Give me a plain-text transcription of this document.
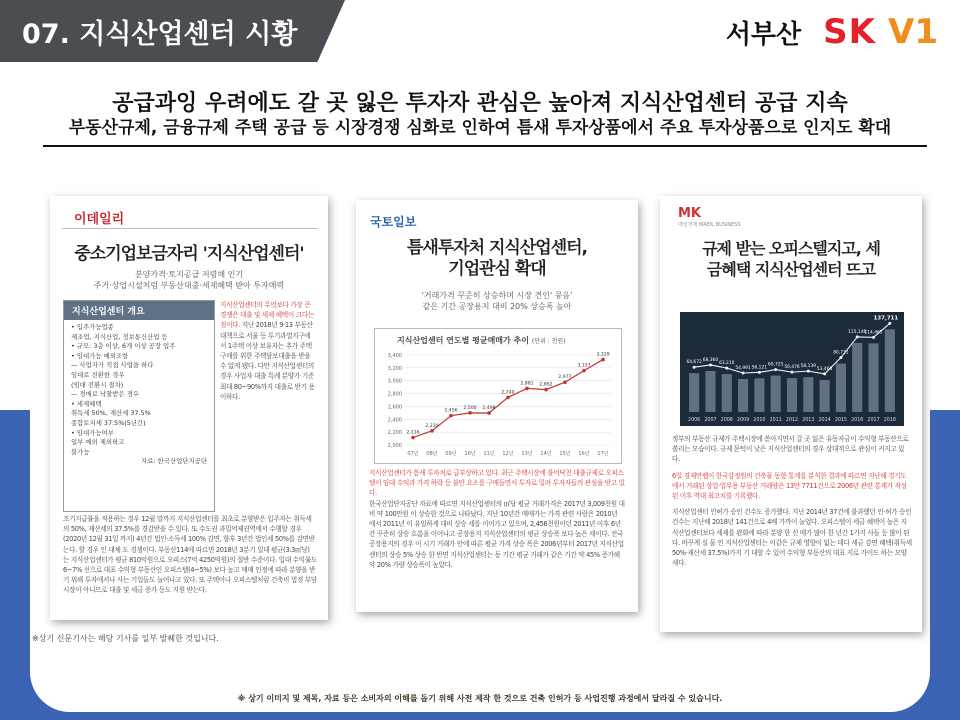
07. 지식산업센터 시황	서부산 SK V1
공급과잉 우려에도 갈 곳 잃은 투자자 관심은 높아져 지식산업센터 공급 지속
부동산규제, 금융규제 주택 공급 등 시장경쟁 심화로 인하여 틈새 투자상품에서 주요 투자상품으로 인지도 확대
이데일리
중소기업보금자리 '지식산업센터'
분양가격·토지공급 저렴해 인기
주거·상업시설처럼 부동산대출·세제혜택 받아 투자매력
지식산업센터 개요
• 입주가능업종
제조업, 지식산업, 정보통신산업 등
• 규모: 3층 이상, 6개 이상 공장 입주
• 임대가능 예외조항
— 사업자가 직접 사업을 하다
임대로 전환한 경우
(임대 전환시 절차)
— 경매로 낙찰받은 경우
• 세제혜택
취득세 50%, 재산세 37.5%
종합토지세 37.5%(5년간)
• 임대가능여부
일부 예외 제외하고
불가능
자료: 한국산업단지공단
지식산업센터의 무엇보다 가장 큰 경쟁은 대출 및 세제 혜택이 크다는 점이다. 지난 2018년 9·13 부동산대책으로 서울 등 투기과열지구에서 1주택 이상 보유자는 추가 주택 구매를 위한 주택담보대출을 받을 수 없게 됐다. 다만 지식산업센터의 경우 사업자 대출 특례 분양가 기준 최대 80~90%까지 대출로 받기 용이하다.
조기지급률을 적용하는 경우 12월 말까지 지식산업센터를 최초로 분양받은 입주자는 취득세의 50%, 재산세의 37.5%를 경감받을 수 있다. 또 수도권 과밀억제권역에서 수행할 경우(2020년 12월 31일 까지) 4년간 법인·소득세 100% 감면, 향후 3년간 법인세 50%를 감면받는다. 할 경우 인 대체 도 경쟁이다. 부동산114에 따르면 2018년 3분기 일대 평균(3.3㎡당) 는 지식산업센터가 평균 810억원으로 오피스(7억 4250억원)의 절반 수준이다. 입대 수익률도 6~7% 선으로 대표 수익형 부동산인 오피스텔(4~5%) 보다 높고 매매 인정에 따라 분양을 받기 위해 투자에서나 사는 기업들도 늘어나고 있다. 또 주택이나 오피스텔처럼 건축비 법정 부담 시장이 아니므로 대출 및 세금 증가 등도 지원 받는다.
국토일보
틈새투자처 지식산업센터,
기업관심 확대
'거래가격 꾸준히 상승하며 시장 견인' 뭉음'
같은 기간 공장용지 대비 20% 상승폭 높아
지식산업센터 연도별 평균매매가 추이 (단위 : 천원)
2,000
2,200
2,400
2,600
2,800
3,000
3,200
3,400
07년 08년 09년 10년 11년 12년 13년 14년 15년 16년 17년
2,116
2,220
2,456
2,500 2,498
2,740
2,881 2,862
2,977
3,157
3,329
지식산업센터가 틈새 투자처로 급부상하고 있다. 최근 주택시장에 불어닥친 대출규제로 오피스텔이 임대 수익과 가격 하락 등 불안 요소를 구매들면서 투자로 밀려 투자자들의 관심을 받고 있다.
한국산업단지공단 자료에 따르면 지식산업센터의 ㎡당 평균 거래가격은 2017년 3,009천원 대비 약 100만원 이 상승한 것으로 나타났다. 지난 10년간 매매가는 가격 관련 사람은 2010년 에서 2011년 이 유일하게 대비 상승 세를 이어가고 있으며, 2,456천원이던 2011년 이후 6년간 꾸준히 상승 흐름을 이어나고 공장용지 지식산업센터의 평균 상승폭 보다 높은 세이다. 전국 공장용지의 경우 이 시기 거래가 안에 따른 평균 가격 상승 폭은 2006년부터 2017년 지식산업센터의 상승 5% 상승 한 반면 지식산업센터는 동 기간 평균 거래가 같은 기간 약 45% 증가해 약 20% 가량 상승폭이 높았다.
MK
매일경제 MAEIL BUSINESS
규제 받는 오피스텔지고, 세
금혜택 지식산업센터 뜨고
2006 2007 2008 2009 2010 2011 2012 2013 2014 2015 2016 2017 2018
64,672 68,360
63,210
54,991 56,121
60,725
56,476 58,139
53,468
80,731
115,146
114,461
137,711
정부의 부동산 규제가 주택시장에 쏟아지면서 갈 곳 잃은 유동자금이 수익형 부동산으로 쏠리는 모습이다. 규제 문턱이 낮은 지식산업센터의 경우 상대적으로 관심이 커지고 있다.
6일 경제만랩이 한국감정원의 건축물 동향 통계를 분석한 결과에 따르면 지난해 경기도에서 거래된 상업·업무용 부동산 거래량은 13만 7711건으로 2006년 관련 통계가 작성된 이후 역대 최고치를 기록했다.
지식산업센터 인허가 승인 건수도 증가했다. 지난 2014년 37건에 불과했던 인·허가 승인 건수는 지난해 2018년 141건으로 4배 가까이 늘었다. 오피스텔이 세금 혜택이 높은 지식산업센터보다 세제를 완화에 따라 분양 한 선 매가 많아 한 년간 1가지 사들 등 많이 된다. 바꾸게 실 물 인 지식산업센터는 이같은 규제 영향이 없는 데다 세금 감면 혜택(취득세 50%·재산세 37.5%)가지 기 대할 수 있어 수익형 부동산의 대표 지로 가이드 하는 모양새다.
※상기 신문기사는 해당 기사를 일부 발췌한 것입니다.
※ 상기 이미지 및 제목, 자료 등은 소비자의 이해를 돕기 위해 사전 제작 한 것으로 건축 인허가 등 사업진행 과정에서 달라질 수 있습니다.
